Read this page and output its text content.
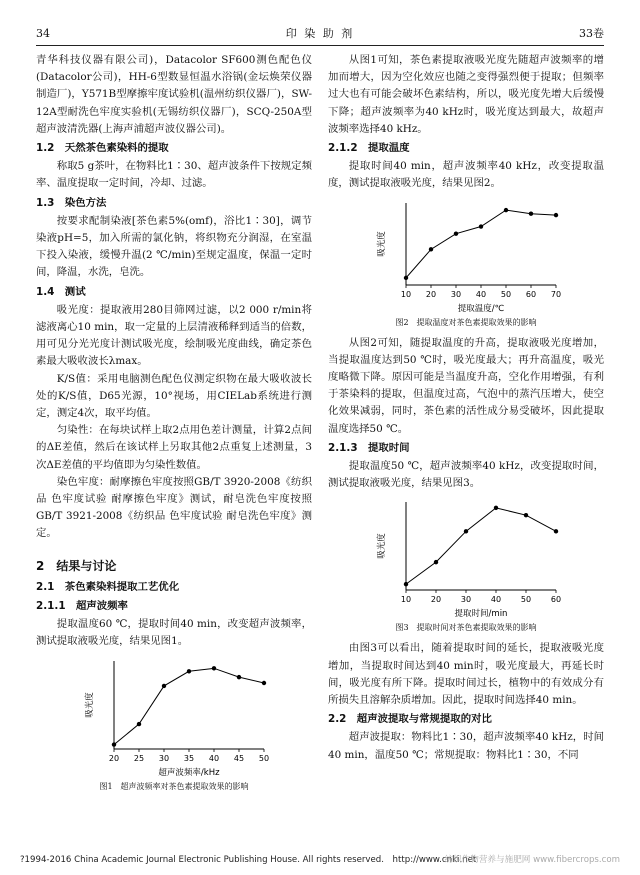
34	印 染 助 剂	33卷

青华科技仪器有限公司)，Datacolor SF600测色配色仪(Datacolor公司)，HH-6型数显恒温水浴锅(金坛焕荣仪器制造厂)，Y571B型摩擦牢度试验机(温州纺织仪器厂)，SW-12A型耐洗色牢度实验机(无锡纺织仪器厂)，SCQ-250A型超声波清洗器(上海声浦超声波仪器公司)。

1.2　天然茶色素染料的提取

称取5 g茶叶，在物料比1∶30、超声波条件下按规定频率、温度提取一定时间，冷却、过滤。

1.3　染色方法

按要求配制染液[茶色素5%(omf)，浴比1∶30]，调节染液pH=5，加入所需的氯化钠，将织物充分润湿，在室温下投入染液，缓慢升温(2 ℃/min)至规定温度，保温一定时间，降温，水洗，皂洗。

1.4　测试

吸光度：提取液用280目筛网过滤，以2 000 r/min将滤液离心10 min，取一定量的上层清液稀释到适当的倍数，用可见分光光度计测试吸光度，绘制吸光度曲线，确定茶色素最大吸收波长λmax。

K/S值：采用电脑测色配色仪测定织物在最大吸收波长处的K/S值，D65光源，10°视场，用CIELab系统进行测定，测定4次，取平均值。

匀染性：在每块试样上取2点用色差计测量，计算2点间的ΔE差值，然后在该试样上另取其他2点重复上述测量，3次ΔE差值的平均值即为匀染性数值。

染色牢度：耐摩擦色牢度按照GB/T 3920-2008《纺织品 色牢度试验 耐摩擦色牢度》测试，耐皂洗色牢度按照GB/T 3921-2008《纺织品 色牢度试验 耐皂洗色牢度》测定。

2　结果与讨论
2.1　茶色素染料提取工艺优化
2.1.1　超声波频率

提取温度60 ℃，提取时间40 min，改变超声波频率，测试提取液吸光度，结果见图1。

20 25 30 35 40 45 50
超声波频率/kHz
吸光度
图1　超声波频率对茶色素提取效果的影响

从图1可知，茶色素提取液吸光度先随超声波频率的增加而增大，因为空化效应也随之变得强烈便于提取；但频率过大也有可能会破坏色素结构，所以，吸光度先增大后缓慢下降；超声波频率为40 kHz时，吸光度达到最大，故超声波频率选择40 kHz。

2.1.2　提取温度

提取时间40 min，超声波频率40 kHz，改变提取温度，测试提取液吸光度，结果见图2。

10 20 30 40 50 60 70
提取温度/℃
吸光度
图2　提取温度对茶色素提取效果的影响

从图2可知，随提取温度的升高，提取液吸光度增加，当提取温度达到50 ℃时，吸光度最大；再升高温度，吸光度略微下降。原因可能是当温度升高，空化作用增强，有利于茶染料的提取，但温度过高，气泡中的蒸汽压增大，使空化效果减弱，同时，茶色素的活性成分易受破坏，因此提取温度选择50 ℃。

2.1.3　提取时间

提取温度50 ℃，超声波频率40 kHz，改变提取时间，测试提取液吸光度，结果见图3。

10 20 30 40 50 60
提取时间/min
吸光度
图3　提取时间对茶色素提取效果的影响

由图3可以看出，随着提取时间的延长，提取液吸光度增加，当提取时间达到40 min时，吸光度最大，再延长时间，吸光度有所下降。提取时间过长，植物中的有效成分有所损失且溶解杂质增加。因此，提取时间选择40 min。

2.2　超声波提取与常规提取的对比

超声波提取：物料比1∶30，超声波频率40 kHz，时间40 min，温度50 ℃；常规提取：物料比1∶30，不同

?1994-2016 China Academic Journal Electronic Publishing House. All rights reserved.　http://www.cnki.net
纺织作物营养与施肥网 www.fibercrops.com
